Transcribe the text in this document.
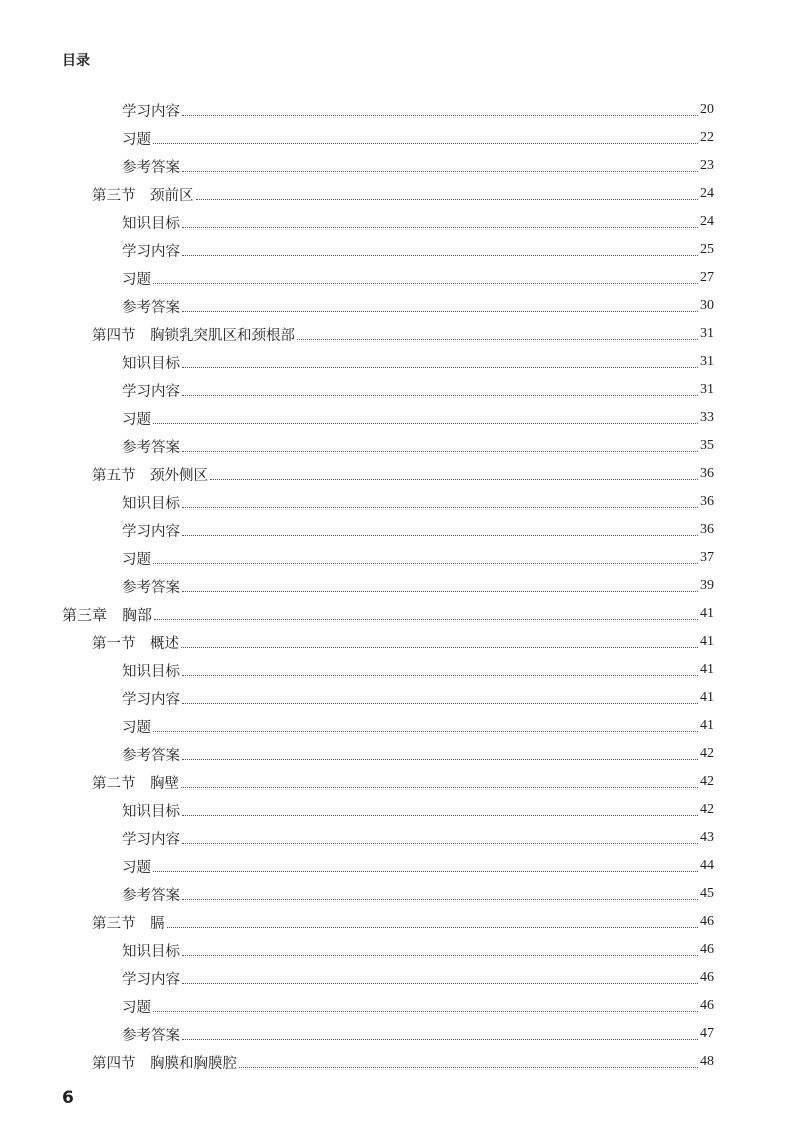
目录
学习内容	20
习题	22
参考答案	23
第三节　颈前区	24
知识目标	24
学习内容	25
习题	27
参考答案	30
第四节　胸锁乳突肌区和颈根部	31
知识目标	31
学习内容	31
习题	33
参考答案	35
第五节　颈外侧区	36
知识目标	36
学习内容	36
习题	37
参考答案	39
第三章　胸部	41
第一节　概述	41
知识目标	41
学习内容	41
习题	41
参考答案	42
第二节　胸壁	42
知识目标	42
学习内容	43
习题	44
参考答案	45
第三节　膈	46
知识目标	46
学习内容	46
习题	46
参考答案	47
第四节　胸膜和胸膜腔	48
6
